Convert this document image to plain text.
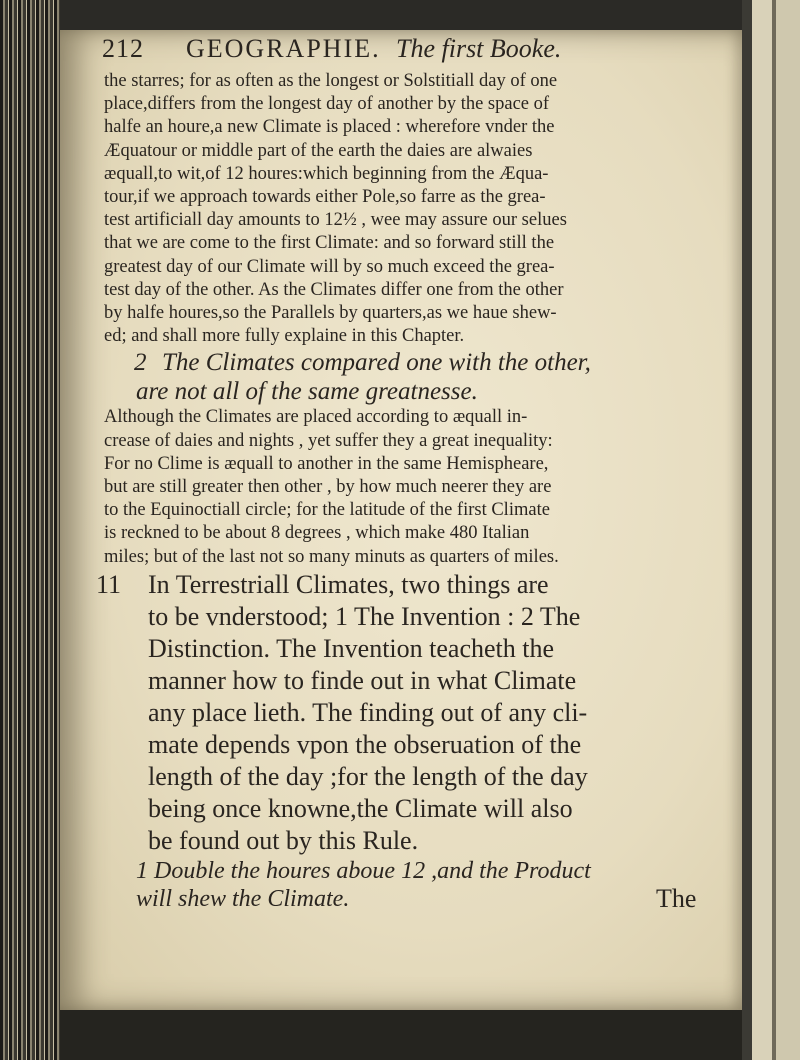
212 GEOGRAPHIE. The first Booke.
the starres; for as often as the longest or Solstitiall day of one
place,differs from the longest day of another by the space of
halfe an houre,a new Climate is placed : wherefore vnder the
Æquatour or middle part of the earth the daies are alwaies
æquall,to wit,of 12 houres:which beginning from the Æqua-
tour,if we approach towards either Pole,so farre as the grea-
test artificiall day amounts to 12½ , wee may assure our selues
that we are come to the first Climate: and so forward still the
greatest day of our Climate will by so much exceed the grea-
test day of the other. As the Climates differ one from the other
by halfe houres,so the Parallels by quarters,as we haue shew-
ed; and shall more fully explaine in this Chapter.
2 The Climates compared one with the other,
are not all of the same greatnesse.
Although the Climates are placed according to æquall in-
crease of daies and nights , yet suffer they a great inequality:
For no Clime is æquall to another in the same Hemispheare,
but are still greater then other , by how much neerer they are
to the Equinoctiall circle; for the latitude of the first Climate
is reckned to be about 8 degrees , which make 480 Italian
miles; but of the last not so many minuts as quarters of miles.
11 In Terrestriall Climates, two things are
to be vnderstood; 1 The Invention : 2 The
Distinction. The Invention teacheth the
manner how to finde out in what Climate
any place lieth. The finding out of any cli-
mate depends vpon the obseruation of the
length of the day ;for the length of the day
being once knowne,the Climate will also
be found out by this Rule.
1 Double the houres aboue 12 ,and the Product
will shew the Climate.	The
